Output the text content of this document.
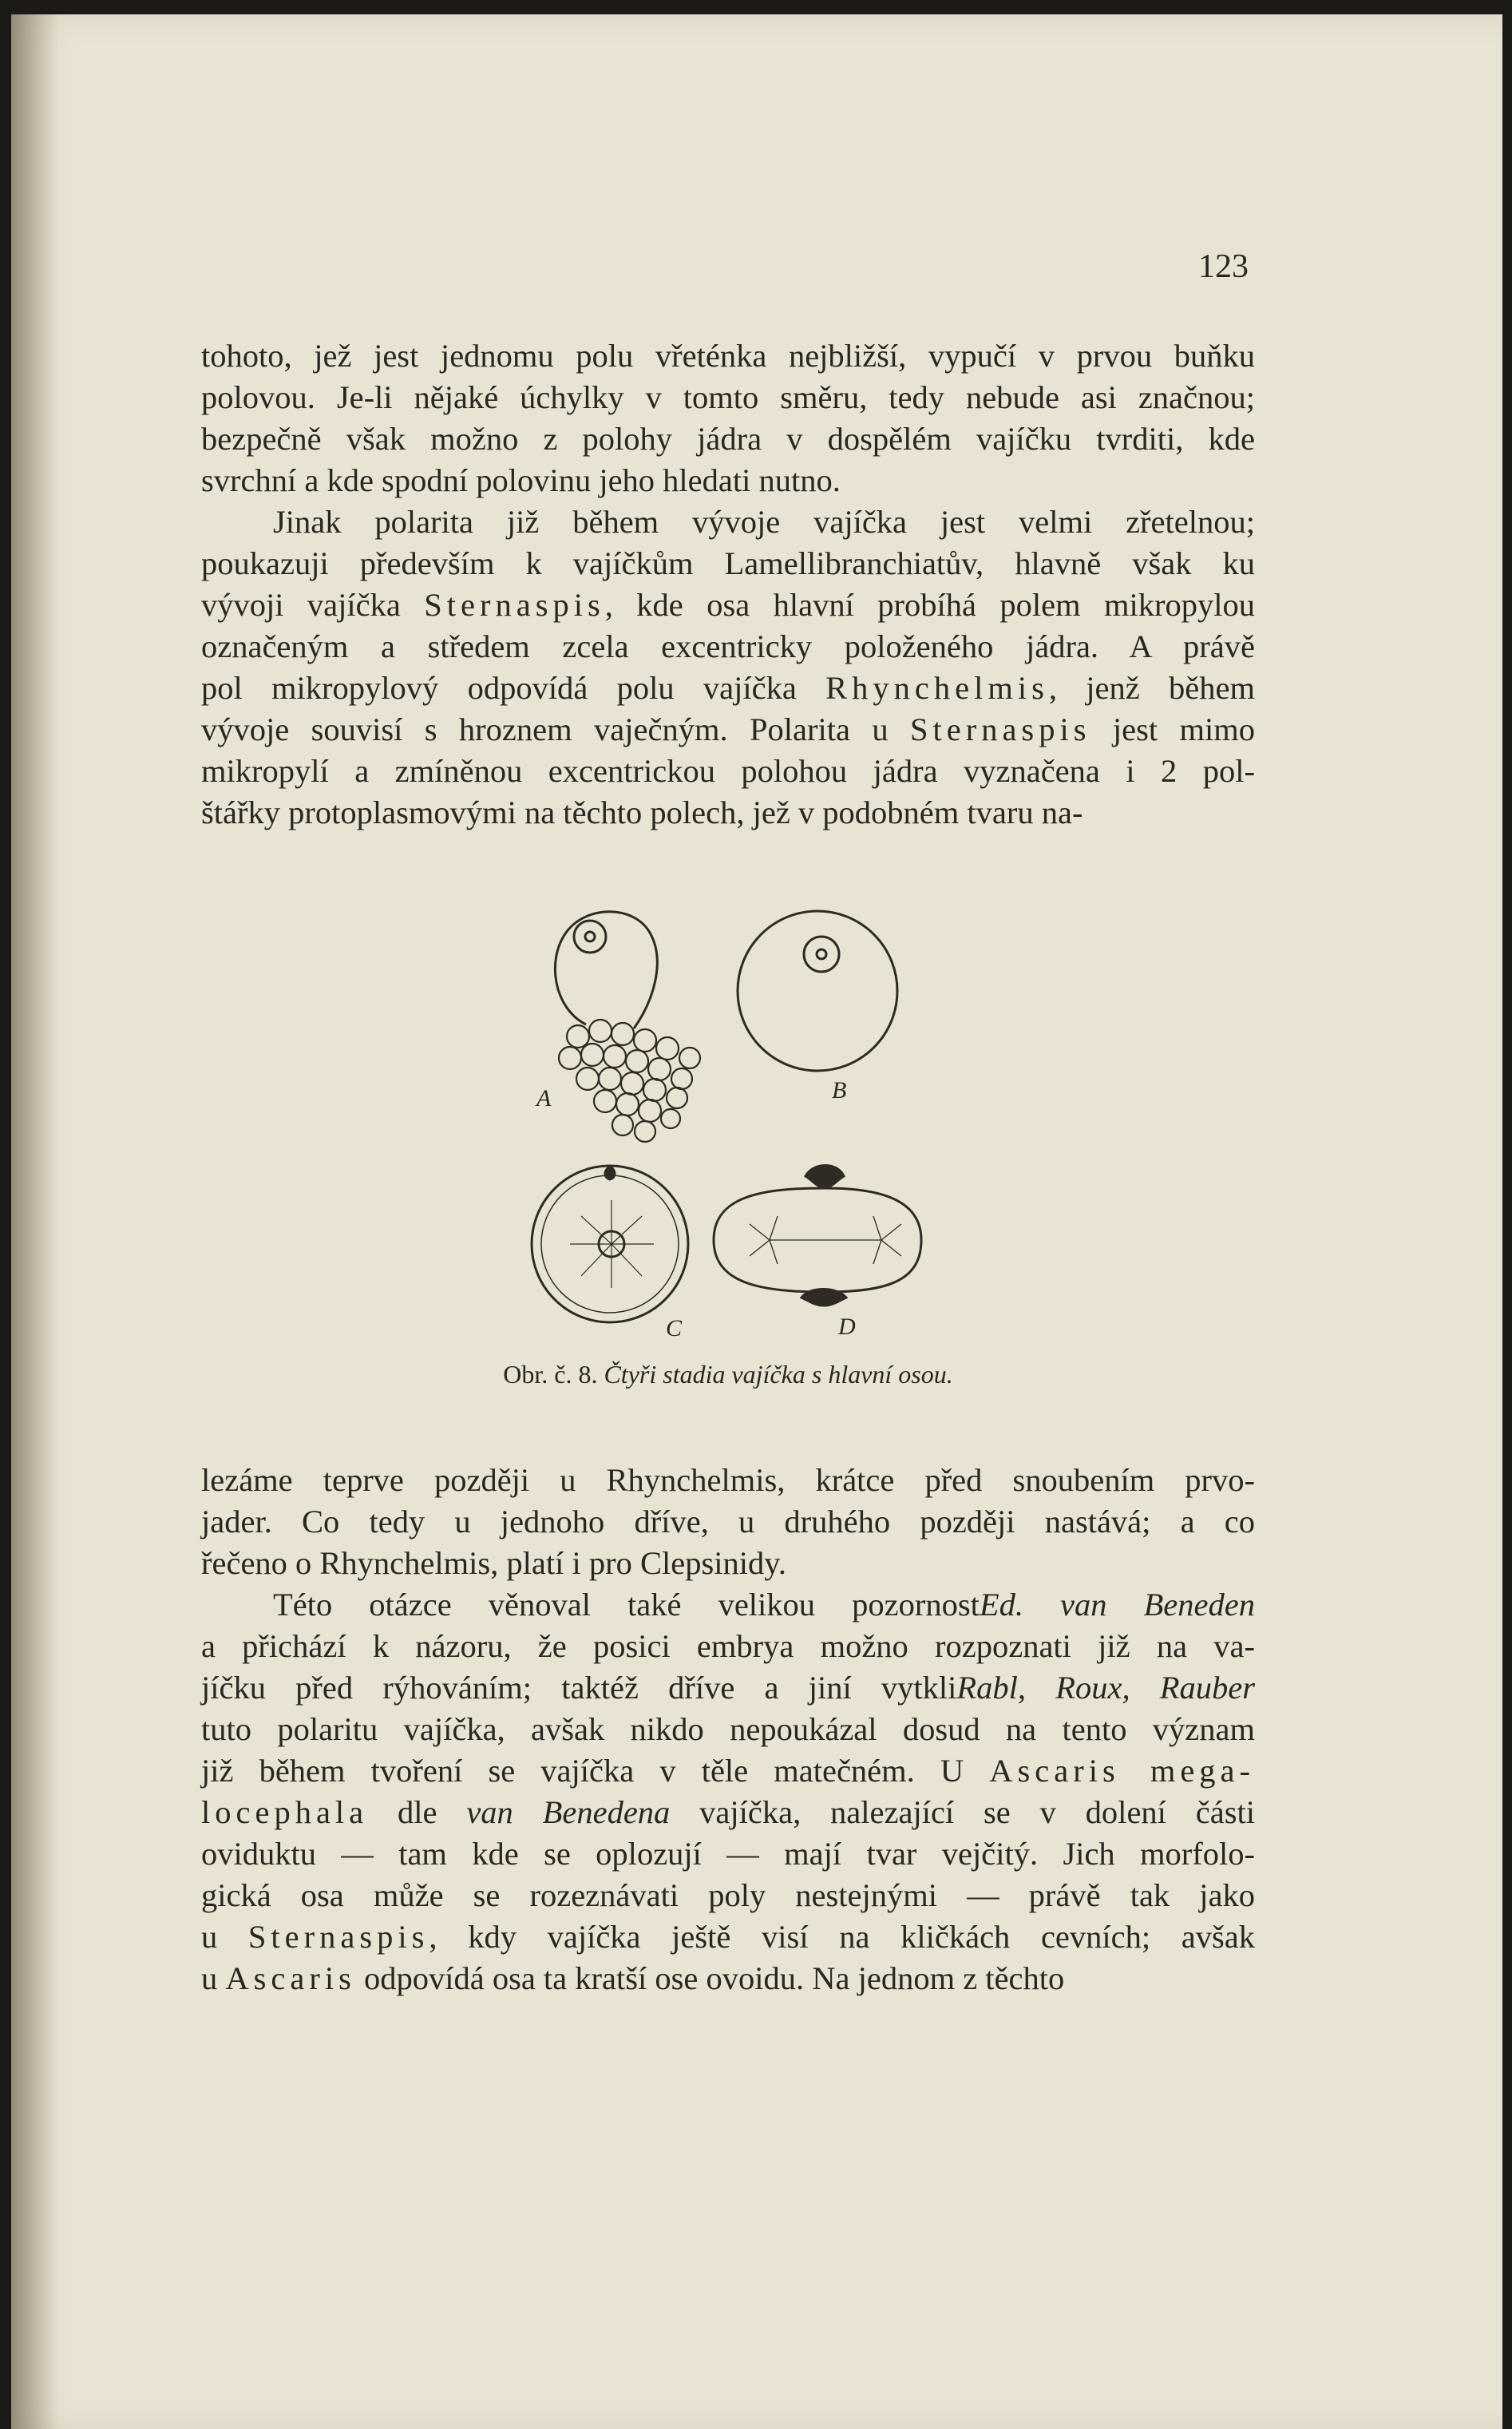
123
tohoto, jež jest jednomu polu vřeténka nejbližší, vypučí v prvou buňku
polovou. Je-li nějaké úchylky v tomto směru, tedy nebude asi značnou;
bezpečně však možno z polohy jádra v dospělém vajíčku tvrditi, kde
svrchní a kde spodní polovinu jeho hledati nutno.
Jinak polarita již během vývoje vajíčka jest velmi zřetelnou;
poukazuji především k vajíčkům Lamellibranchiatův, hlavně však ku
vývoji vajíčka Sternaspis, kde osa hlavní probíhá polem mikropylou
označeným a středem zcela excentricky položeného jádra. A právě
pol mikropylový odpovídá polu vajíčka Rhynchelmis, jenž během
vývoje souvisí s hroznem vaječným. Polarita u Sternaspis jest mimo
mikropylí a zmíněnou excentrickou polohou jádra vyznačena i 2 pol-
štářky protoplasmovými na těchto polech, jež v podobném tvaru na-
A	B
C	D
Obr. č. 8. Čtyři stadia vajíčka s hlavní osou.
lezáme teprve později u Rhynchelmis, krátce před snoubením prvo-
jader. Co tedy u jednoho dříve, u druhého později nastává; a co
řečeno o Rhynchelmis, platí i pro Clepsinidy.
Této otázce věnoval také velikou pozornostEd. van Beneden
a přichází k názoru, že posici embrya možno rozpoznati již na va-
jíčku před rýhováním; taktéž dříve a jiní vytkliRabl, Roux, Rauber
tuto polaritu vajíčka, avšak nikdo nepoukázal dosud na tento význam
již během tvoření se vajíčka v těle matečném. U Ascaris mega-
locephala dle van Benedena vajíčka, nalezající se v dolení části
oviduktu — tam kde se oplozují — mají tvar vejčitý. Jich morfolo-
gická osa může se rozeznávati poly nestejnými — právě tak jako
u Sternaspis, kdy vajíčka ještě visí na kličkách cevních; avšak
u Ascaris odpovídá osa ta kratší ose ovoidu. Na jednom z těchto
